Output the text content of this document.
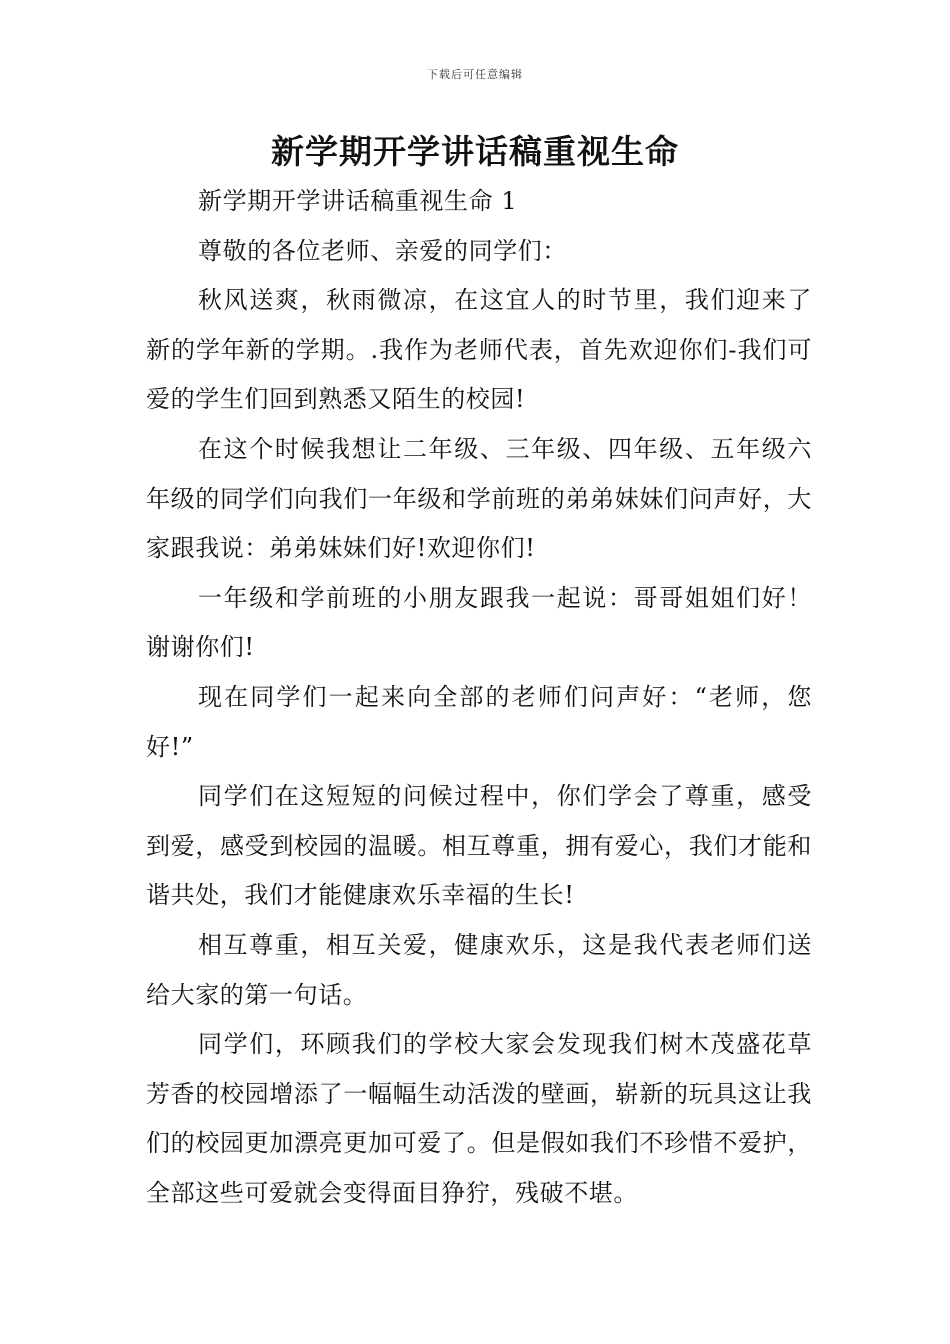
下载后可任意编辑
新学期开学讲话稿重视生命

新学期开学讲话稿重视生命 1

尊敬的各位老师、亲爱的同学们：

秋风送爽，秋雨微凉，在这宜人的时节里，我们迎来了新的学年新的学期。.我作为老师代表，首先欢迎你们-我们可爱的学生们回到熟悉又陌生的校园!

在这个时候我想让二年级、三年级、四年级、五年级六年级的同学们向我们一年级和学前班的弟弟妹妹们问声好，大家跟我说：弟弟妹妹们好!欢迎你们!

一年级和学前班的小朋友跟我一起说：哥哥姐姐们好！谢谢你们!

现在同学们一起来向全部的老师们问声好：“老师，您好!”

同学们在这短短的问候过程中，你们学会了尊重，感受到爱，感受到校园的温暖。相互尊重，拥有爱心，我们才能和谐共处，我们才能健康欢乐幸福的生长!

相互尊重，相互关爱，健康欢乐，这是我代表老师们送给大家的第一句话。

同学们，环顾我们的学校大家会发现我们树木茂盛花草芳香的校园增添了一幅幅生动活泼的壁画，崭新的玩具这让我们的校园更加漂亮更加可爱了。但是假如我们不珍惜不爱护，全部这些可爱就会变得面目狰狞，残破不堪。
